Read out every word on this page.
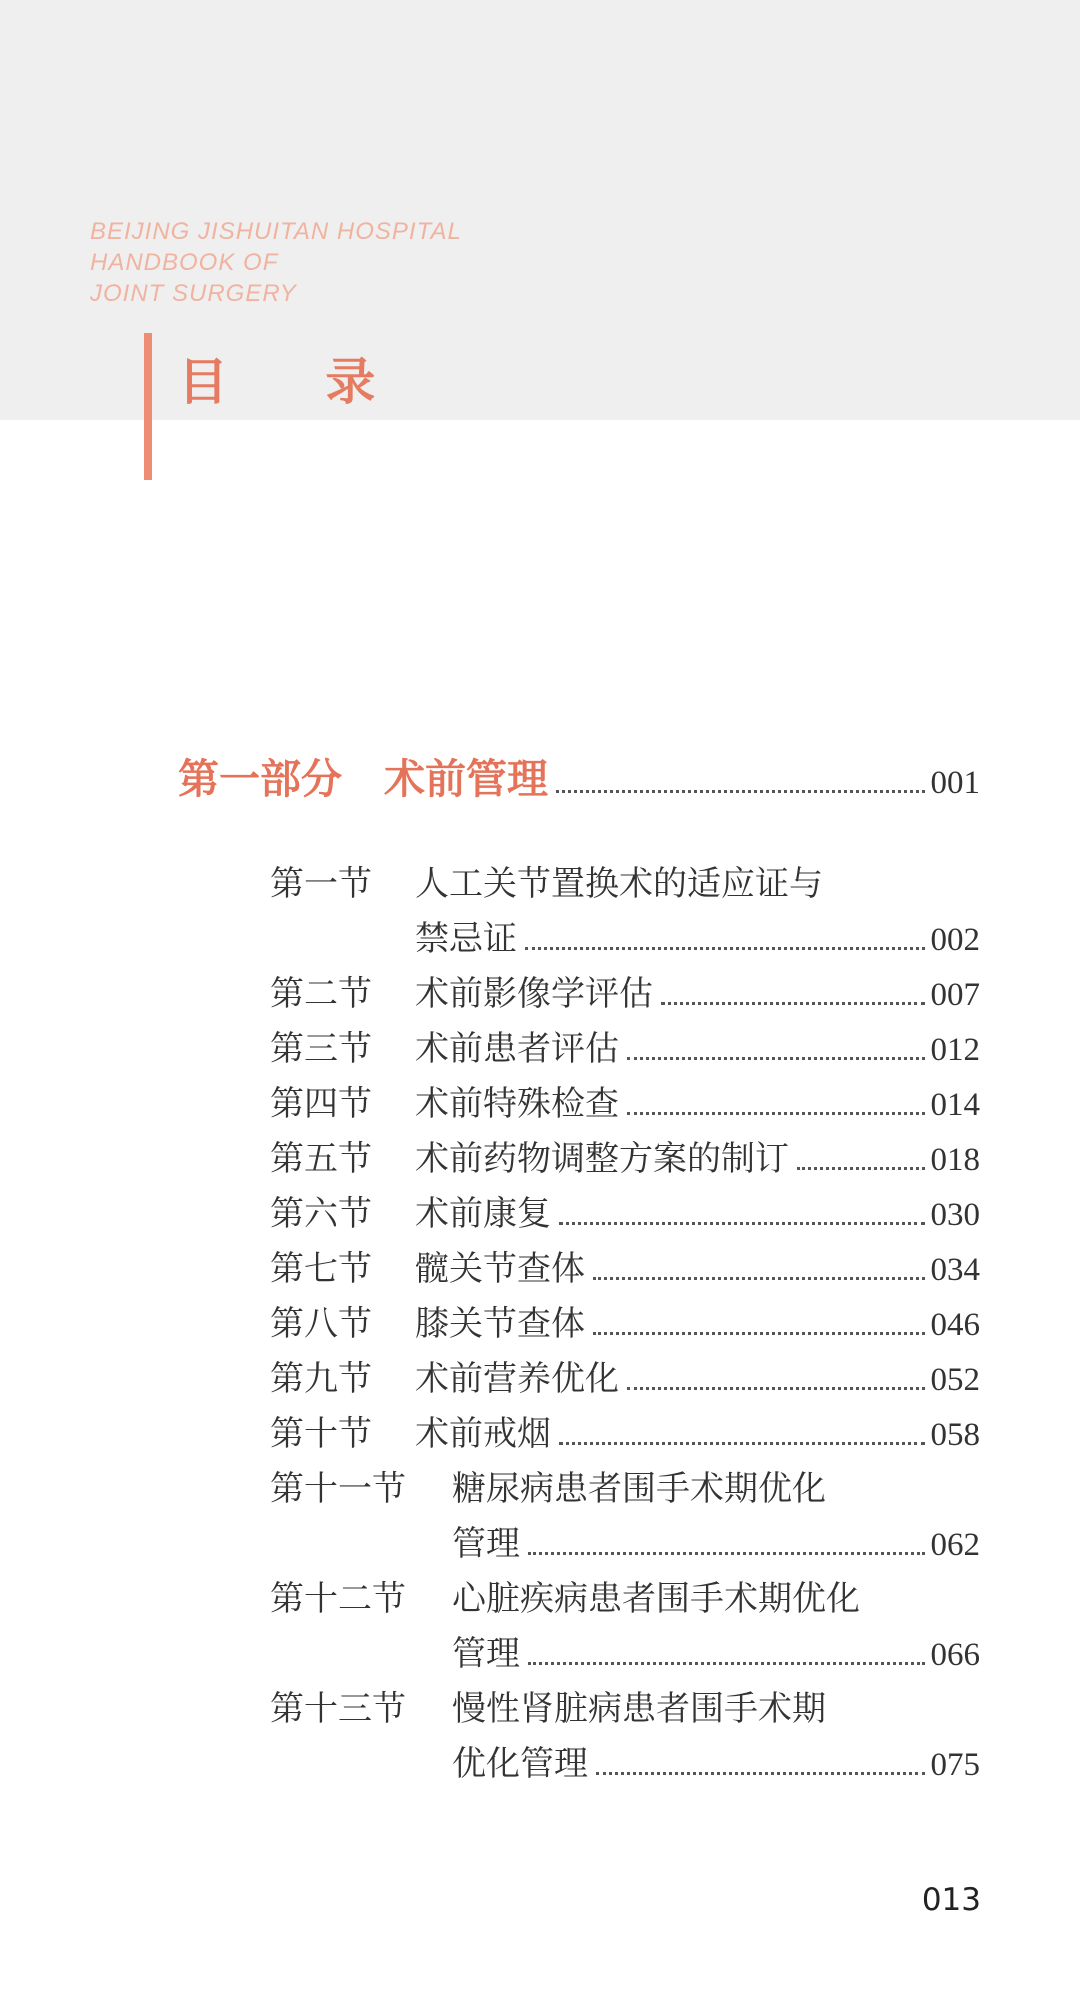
BEIJING JISHUITAN HOSPITAL
HANDBOOK OF
JOINT SURGERY
目 录
第一部分 术前管理	001
第一节	人工关节置换术的适应证与
禁忌证	002
第二节	术前影像学评估	007
第三节	术前患者评估	012
第四节	术前特殊检查	014
第五节	术前药物调整方案的制订	018
第六节	术前康复	030
第七节	髋关节查体	034
第八节	膝关节查体	046
第九节	术前营养优化	052
第十节	术前戒烟	058
第十一节	糖尿病患者围手术期优化
管理	062
第十二节	心脏疾病患者围手术期优化
管理	066
第十三节	慢性肾脏病患者围手术期
优化管理	075
013
